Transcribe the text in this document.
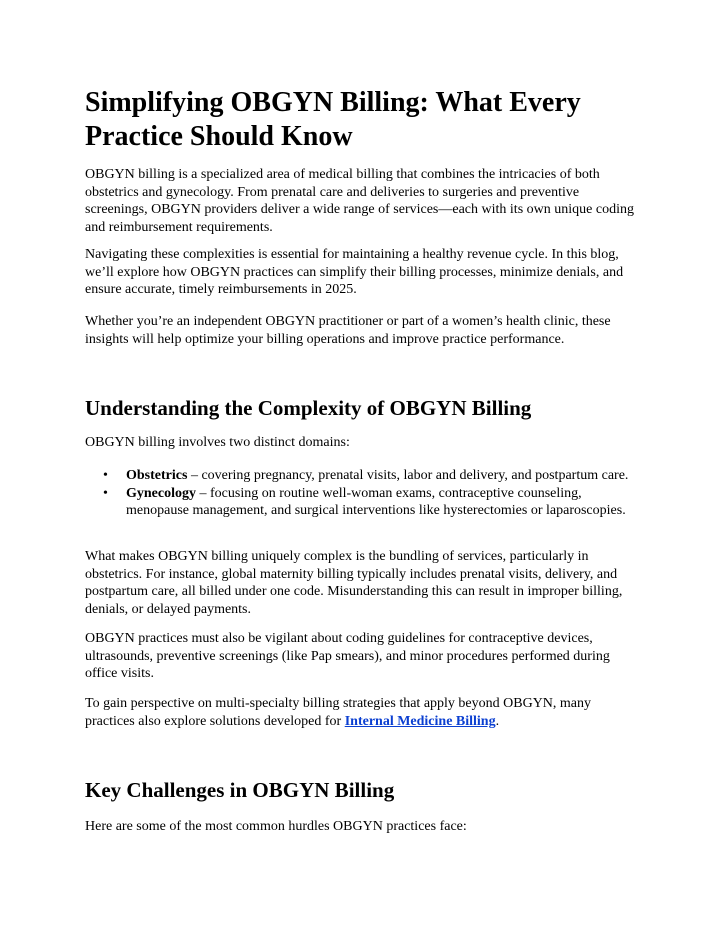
Simplifying OBGYN Billing: What Every Practice Should Know

OBGYN billing is a specialized area of medical billing that combines the intricacies of both obstetrics and gynecology. From prenatal care and deliveries to surgeries and preventive screenings, OBGYN providers deliver a wide range of services—each with its own unique coding and reimbursement requirements.

Navigating these complexities is essential for maintaining a healthy revenue cycle. In this blog, we’ll explore how OBGYN practices can simplify their billing processes, minimize denials, and ensure accurate, timely reimbursements in 2025.

Whether you’re an independent OBGYN practitioner or part of a women’s health clinic, these insights will help optimize your billing operations and improve practice performance.

Understanding the Complexity of OBGYN Billing

OBGYN billing involves two distinct domains:

• Obstetrics – covering pregnancy, prenatal visits, labor and delivery, and postpartum care.
• Gynecology – focusing on routine well-woman exams, contraceptive counseling, menopause management, and surgical interventions like hysterectomies or laparoscopies.

What makes OBGYN billing uniquely complex is the bundling of services, particularly in obstetrics. For instance, global maternity billing typically includes prenatal visits, delivery, and postpartum care, all billed under one code. Misunderstanding this can result in improper billing, denials, or delayed payments.

OBGYN practices must also be vigilant about coding guidelines for contraceptive devices, ultrasounds, preventive screenings (like Pap smears), and minor procedures performed during office visits.

To gain perspective on multi-specialty billing strategies that apply beyond OBGYN, many practices also explore solutions developed for Internal Medicine Billing.

Key Challenges in OBGYN Billing

Here are some of the most common hurdles OBGYN practices face:
